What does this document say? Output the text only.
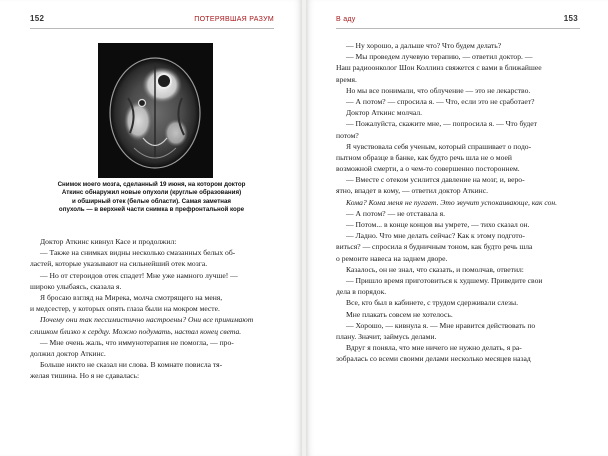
152	ПОТЕРЯВШАЯ РАЗУМ
Снимок моего мозга, сделанный 19 июня, на котором доктор
Аткинс обнаружил новые опухоли (круглые образования)
и обширный отек (белые области). Самая заметная
опухоль — в верхней части снимка в префронтальной коре
Доктор Аткинс кивнул Касе и продолжил:
— Также на снимках видны несколько смазанных белых об-
ластей, которые указывают на сильнейший отек мозга.
— Но от стероидов отек спадет! Мне уже намного лучше! —
широко улыбаясь, сказала я.
Я бросаю взгляд на Мирека, молча смотрящего на меня,
и медсестер, у которых опять глаза были на мокром месте.
Почему они так пессимистично настроены? Они все принимают
слишком близко к сердцу. Можно подумать, настал конец света.
— Мне очень жаль, что иммунотерапия не помогла, — про-
должил доктор Аткинс.
Больше никто не сказал ни слова. В комнате повисла тя-
желая тишина. Но я не сдавалась:
В аду	153
— Ну хорошо, а дальше что? Что будем делать?
— Мы проведем лучевую терапию, — ответил доктор. —
Наш радиоонколог Шон Коллинз свяжется с вами в ближайшее
время.
Но мы все понимали, что облучение — это не лекарство.
— А потом? — спросила я. — Что, если это не сработает?
Доктор Аткинс молчал.
— Пожалуйста, скажите мне, — попросила я. — Что будет
потом?
Я чувствовала себя ученым, который спрашивает о подо-
пытном образце в банке, как будто речь шла не о моей
возможной смерти, а о чем-то совершенно постороннем.
— Вместе с отеком усилится давление на мозг, и, веро-
ятно, впадет в кому, — ответил доктор Аткинс.
Кома? Кома меня не пугает. Это звучит успокаивающе, как сон.
— А потом? — не отставала я.
— Потом... в конце концов вы умрете, — тихо сказал он.
— Ладно. Что мне делать сейчас? Как к этому подгото-
виться? — спросила я будничным тоном, как будто речь шла
о ремонте навеса на заднем дворе.
Казалось, он не знал, что сказать, и помолчав, ответил:
— Пришло время приготовиться к худшему. Приведите свои
дела в порядок.
Все, кто был в кабинете, с трудом сдерживали слезы.
Мне плакать совсем не хотелось.
— Хорошо, — кивнула я. — Мне нравится действовать по
плану. Значит, займусь делами.
Вдруг я поняла, что мне ничего не нужно делать, я ра-
зобралась со всеми своими делами несколько месяцев назад
